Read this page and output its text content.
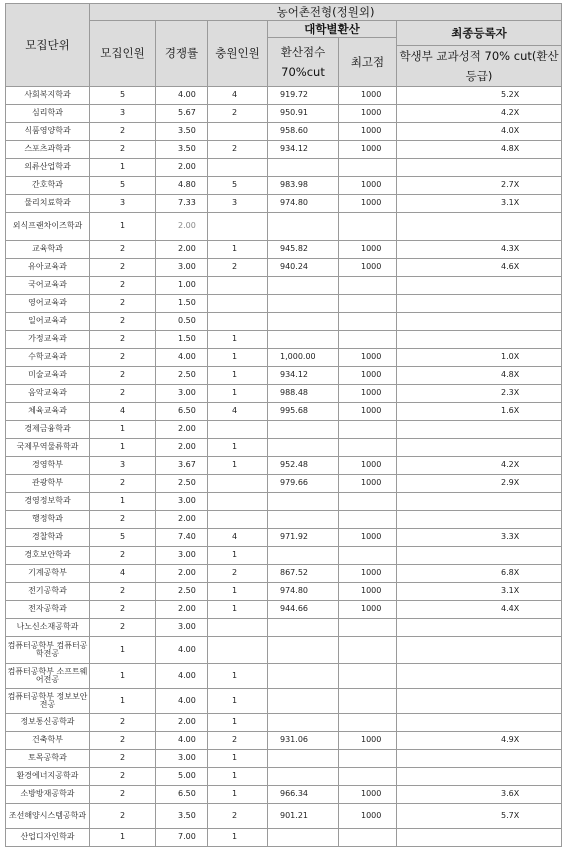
모집단위	농어촌전형(정원외)					
	모집인원	경쟁률	충원인원	대학별환산		최종등록자
				환산점수 70%cut	최고점	
						학생부 교과성적 70% cut(환산등급)
사회복지학과	5	4.00	4	919.72	1000	5.2X
심리학과	3	5.67	2	950.91	1000	4.2X
식품영양학과	2	3.50		958.60	1000	4.0X
스포츠과학과	2	3.50	2	934.12	1000	4.8X
의류산업학과	1	2.00				
간호학과	5	4.80	5	983.98	1000	2.7X
물리치료학과	3	7.33	3	974.80	1000	3.1X
외식프랜차이즈학과	1	2.00				
교육학과	2	2.00	1	945.82	1000	4.3X
유아교육과	2	3.00	2	940.24	1000	4.6X
국어교육과	2	1.00				
영어교육과	2	1.50				
일어교육과	2	0.50				
가정교육과	2	1.50	1			
수학교육과	2	4.00	1	1,000.00	1000	1.0X
미술교육과	2	2.50	1	934.12	1000	4.8X
음악교육과	2	3.00	1	988.48	1000	2.3X
체육교육과	4	6.50	4	995.68	1000	1.6X
경제금융학과	1	2.00				
국제무역물류학과	1	2.00	1			
경영학부	3	3.67	1	952.48	1000	4.2X
관광학부	2	2.50		979.66	1000	2.9X
경영정보학과	1	3.00				
행정학과	2	2.00				
경찰학과	5	7.40	4	971.92	1000	3.3X
경호보안학과	2	3.00	1			
기계공학부	4	2.00	2	867.52	1000	6.8X
전기공학과	2	2.50	1	974.80	1000	3.1X
전자공학과	2	2.00	1	944.66	1000	4.4X
나노신소재공학과	2	3.00				
컴퓨터공학부 컴퓨터공학전공	1	4.00				
컴퓨터공학부 소프트웨어전공	1	4.00	1			
컴퓨터공학부 정보보안전공	1	4.00	1			
정보통신공학과	2	2.00	1			
건축학부	2	4.00	2	931.06	1000	4.9X
토목공학과	2	3.00	1			
환경에너지공학과	2	5.00	1			
소방방재공학과	2	6.50	1	966.34	1000	3.6X
조선해양시스템공학과	2	3.50	2	901.21	1000	5.7X
산업디자인학과	1	7.00	1			
